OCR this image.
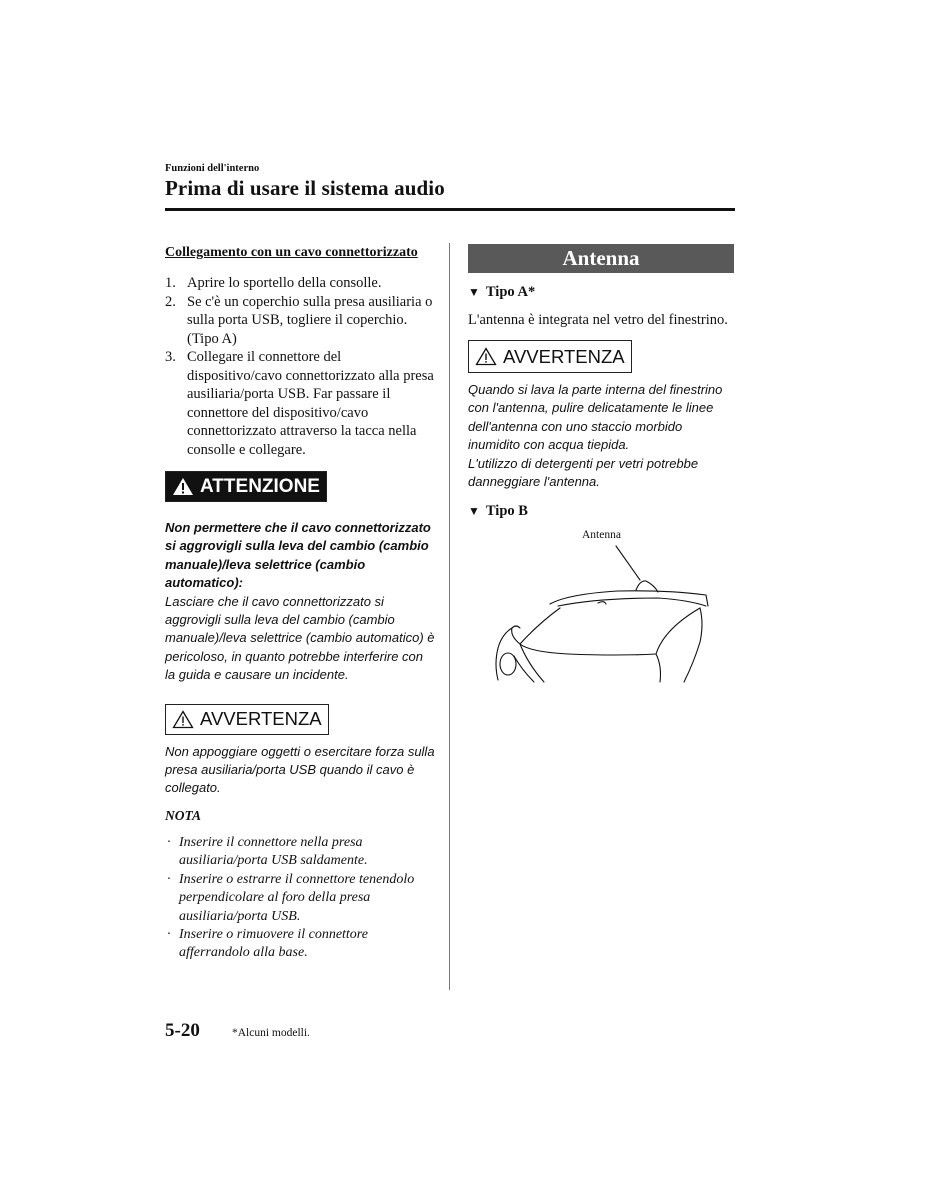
Funzioni dell'interno
Prima di usare il sistema audio
Collegamento con un cavo connettorizzato
1. Aprire lo sportello della consolle.
2. Se c'è un coperchio sulla presa ausiliaria o sulla porta USB, togliere il coperchio. (Tipo A)
3. Collegare il connettore del dispositivo/cavo connettorizzato alla presa ausiliaria/porta USB. Far passare il connettore del dispositivo/cavo connettorizzato attraverso la tacca nella consolle e collegare.
ATTENZIONE
Non permettere che il cavo connettorizzato si aggrovigli sulla leva del cambio (cambio manuale)/leva selettrice (cambio automatico):
Lasciare che il cavo connettorizzato si aggrovigli sulla leva del cambio (cambio manuale)/leva selettrice (cambio automatico) è pericoloso, in quanto potrebbe interferire con la guida e causare un incidente.
AVVERTENZA
Non appoggiare oggetti o esercitare forza sulla presa ausiliaria/porta USB quando il cavo è collegato.
NOTA
· Inserire il connettore nella presa ausiliaria/porta USB saldamente.
· Inserire o estrarre il connettore tenendolo perpendicolare al foro della presa ausiliaria/porta USB.
· Inserire o rimuovere il connettore afferrandolo alla base.
Antenna
▼ Tipo A*
L'antenna è integrata nel vetro del finestrino.
AVVERTENZA
Quando si lava la parte interna del finestrino con l'antenna, pulire delicatamente le linee dell'antenna con uno staccio morbido inumidito con acqua tiepida.
L'utilizzo di detergenti per vetri potrebbe danneggiare l'antenna.
▼ Tipo B
Antenna
5-20	*Alcuni modelli.
